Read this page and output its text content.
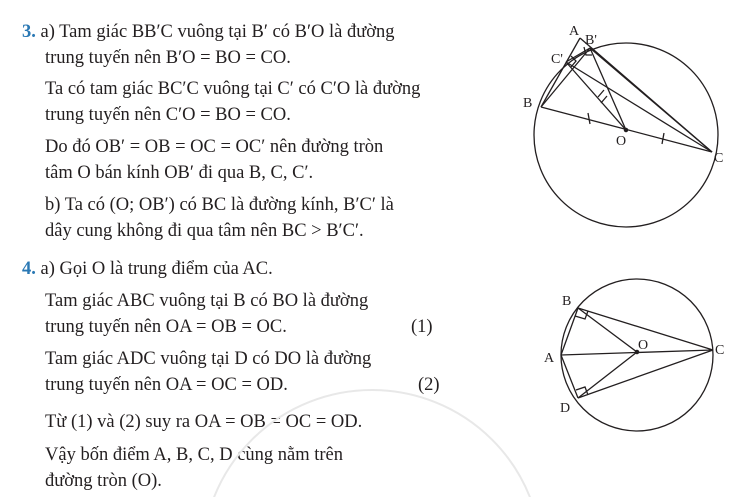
3. a) Tam giác BB′C vuông tại B′ có B′O là đường
trung tuyến nên B′O = BO = CO.
Ta có tam giác BC′C vuông tại C′ có C′O là đường
trung tuyến nên C′O = BO = CO.
Do đó OB′ = OB = OC = OC′ nên đường tròn
tâm O bán kính OB′ đi qua B, C, C′.
b) Ta có (O; OB′) có BC là đường kính, B′C′ là
dây cung không đi qua tâm nên BC > B′C′.
4. a) Gọi O là trung điểm của AC.
Tam giác ABC vuông tại B có BO là đường
trung tuyến nên OA = OB = OC.	(1)
Tam giác ADC vuông tại D có DO là đường
trung tuyến nên OA = OC = OD.	(2)
Từ (1) và (2) suy ra OA = OB = OC = OD.
Vậy bốn điểm A, B, C, D cùng nằm trên
đường tròn (O).
A
B'
C'
B
O
C
B
A
O	C
D
